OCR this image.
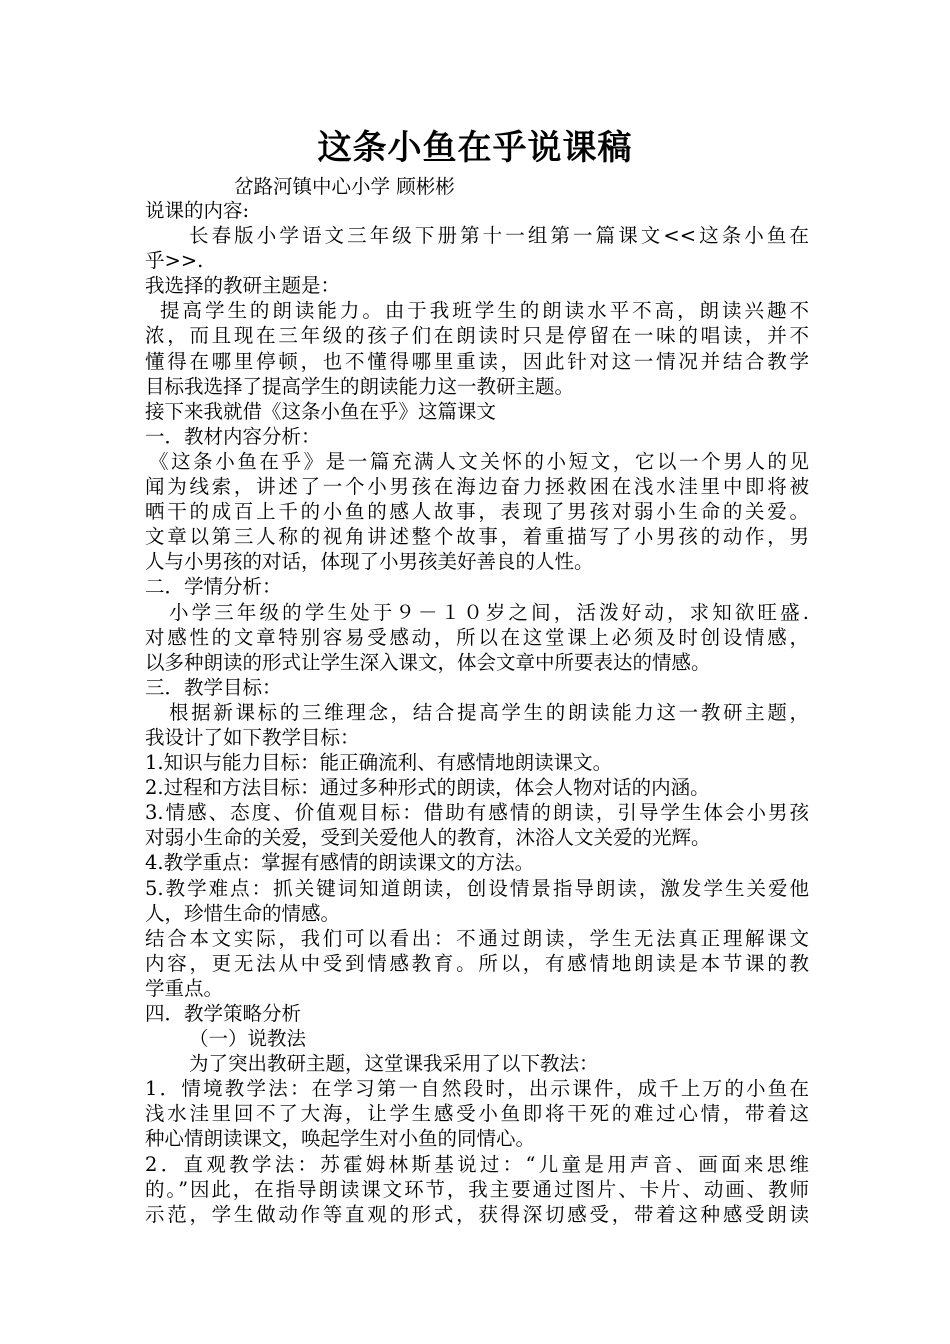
这条小鱼在乎说课稿
岔路河镇中心小学 顾彬彬
说课的内容:
长春版小学语文三年级下册第十一组第一篇课文<<这条小鱼在
乎>>.
我选择的教研主题是：
提高学生的朗读能力。由于我班学生的朗读水平不高，朗读兴趣不
浓，而且现在三年级的孩子们在朗读时只是停留在一味的唱读，并不
懂得在哪里停顿，也不懂得哪里重读，因此针对这一情况并结合教学
目标我选择了提高学生的朗读能力这一教研主题。
接下来我就借《这条小鱼在乎》这篇课文
一．教材内容分析：
《这条小鱼在乎》是一篇充满人文关怀的小短文，它以一个男人的见
闻为线索，讲述了一个小男孩在海边奋力拯救困在浅水洼里中即将被
晒干的成百上千的小鱼的感人故事，表现了男孩对弱小生命的关爱。
文章以第三人称的视角讲述整个故事，着重描写了小男孩的动作，男
人与小男孩的对话，体现了小男孩美好善良的人性。
二．学情分析：
小学三年级的学生处于９－１０岁之间，活泼好动，求知欲旺盛.
对感性的文章特别容易受感动，所以在这堂课上必须及时创设情感，
以多种朗读的形式让学生深入课文，体会文章中所要表达的情感。
三．教学目标：
根据新课标的三维理念，结合提高学生的朗读能力这一教研主题，
我设计了如下教学目标：
1.知识与能力目标：能正确流利、有感情地朗读课文。
2.过程和方法目标：通过多种形式的朗读，体会人物对话的内涵。
3.情感、态度、价值观目标：借助有感情的朗读，引导学生体会小男孩
对弱小生命的关爱，受到关爱他人的教育，沐浴人文关爱的光辉。
4.教学重点：掌握有感情的朗读课文的方法。
5.教学难点：抓关键词知道朗读，创设情景指导朗读，激发学生关爱他
人，珍惜生命的情感。
结合本文实际，我们可以看出：不通过朗读，学生无法真正理解课文
内容，更无法从中受到情感教育。所以，有感情地朗读是本节课的教
学重点。
四．教学策略分析
（一）说教法
为了突出教研主题，这堂课我采用了以下教法：
1．情境教学法：在学习第一自然段时，出示课件，成千上万的小鱼在
浅水洼里回不了大海，让学生感受小鱼即将干死的难过心情，带着这
种心情朗读课文，唤起学生对小鱼的同情心。
2．直观教学法：苏霍姆林斯基说过：“儿童是用声音、画面来思维
的。”因此，在指导朗读课文环节，我主要通过图片、卡片、动画、教师
示范，学生做动作等直观的形式，获得深切感受，带着这种感受朗读
